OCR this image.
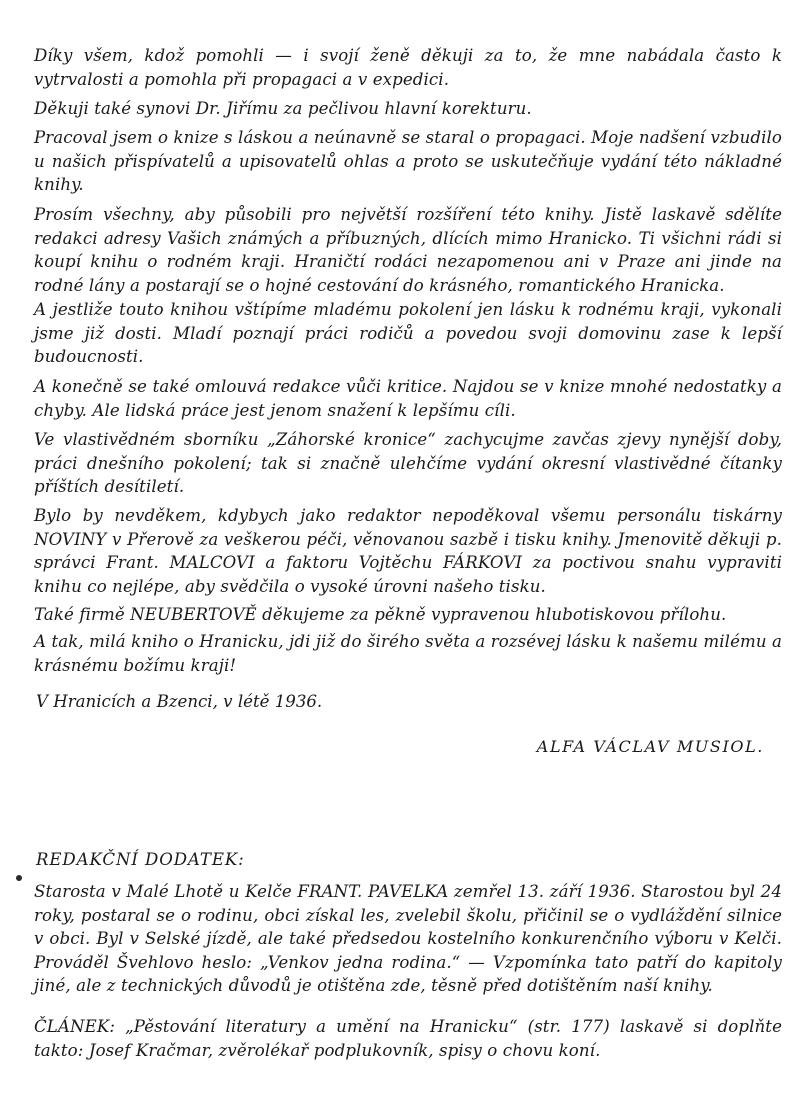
Díky všem, kdož pomohli — i svojí ženě děkuji za to, že mne nabádala často k vytrvalosti a pomohla při propagaci a v expedici.

Děkuji také synovi Dr. Jiřímu za pečlivou hlavní korekturu.

Pracoval jsem o knize s láskou a neúnavně se staral o propagaci. Moje nadšení vzbudilo u našich přispívatelů a upisovatelů ohlas a proto se uskutečňuje vydání této nákladné knihy.

Prosím všechny, aby působili pro největší rozšíření této knihy. Jistě laskavě sdělíte redakci adresy Vašich známých a příbuzných, dlících mimo Hranicko. Ti všichni rádi si koupí knihu o rodném kraji. Hraničtí rodáci nezapomenou ani v Praze ani jinde na rodné lány a postarají se o hojné cestování do krásného, romantického Hranicka.

A jestliže touto knihou vštípíme mladému pokolení jen lásku k rodnému kraji, vykonali jsme již dosti. Mladí poznají práci rodičů a povedou svoji domovinu zase k lepší budoucnosti.

A konečně se také omlouvá redakce vůči kritice. Najdou se v knize mnohé nedostatky a chyby. Ale lidská práce jest jenom snažení k lepšímu cíli.

Ve vlastivědném sborníku „Záhorské kronice“ zachycujme zavčas zjevy nynější doby, práci dnešního pokolení; tak si značně ulehčíme vydání okresní vlastivědné čítanky příštích desítiletí.

Bylo by nevděkem, kdybych jako redaktor nepoděkoval všemu personálu tiskárny NOVINY v Přerově za veškerou péči, věnovanou sazbě i tisku knihy. Jmenovitě děkuji p. správci Frant. MALCOVI a faktoru Vojtěchu FÁRKOVI za poctivou snahu vypraviti knihu co nejlépe, aby svědčila o vysoké úrovni našeho tisku.

Také firmě NEUBERTOVĚ děkujeme za pěkně vypravenou hlubotiskovou přílohu.

A tak, milá kniho o Hranicku, jdi již do širého světa a rozsévej lásku k našemu milému a krásnému božímu kraji!

V Hranicích a Bzenci, v létě 1936.

ALFA VÁCLAV MUSIOL.

REDAKČNÍ DODATEK:

Starosta v Malé Lhotě u Kelče FRANT. PAVELKA zemřel 13. září 1936. Starostou byl 24 roky, postaral se o rodinu, obci získal les, zvelebil školu, přičinil se o vydláždění silnice v obci. Byl v Selské jízdě, ale také předsedou kostelního konkurenčního výboru v Kelči. Prováděl Švehlovo heslo: „Venkov jedna rodina.“ — Vzpomínka tato patří do kapitoly jiné, ale z technických důvodů je otištěna zde, těsně před dotištěním naší knihy.

ČLÁNEK: „Pěstování literatury a umění na Hranicku“ (str. 177) laskavě si doplňte takto: Josef Kračmar, zvěrolékař podplukovník, spisy o chovu koní.
